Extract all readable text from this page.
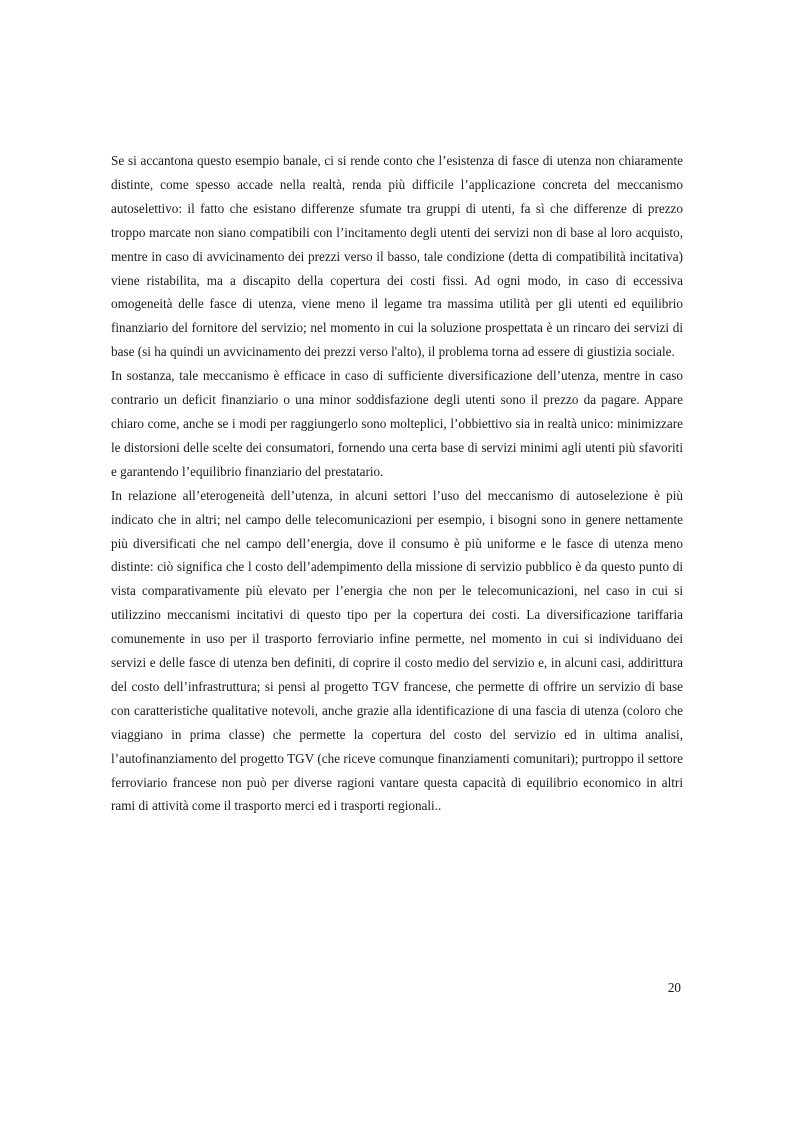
Se si accantona questo esempio banale, ci si rende conto che l’esistenza di fasce di utenza non chiaramente distinte, come spesso accade nella realtà, renda più difficile l’applicazione concreta del meccanismo autoselettivo: il fatto che esistano differenze sfumate tra gruppi di utenti, fa sì che differenze di prezzo troppo marcate non siano compatibili con l’incitamento degli utenti dei servizi non di base al loro acquisto, mentre in caso di avvicinamento dei prezzi verso il basso, tale condizione (detta di compatibilità incitativa) viene ristabilita, ma a discapito della copertura dei costi fissi. Ad ogni modo, in caso di eccessiva omogeneità delle fasce di utenza, viene meno il legame tra massima utilità per gli utenti ed equilibrio finanziario del fornitore del servizio; nel momento in cui la soluzione prospettata è un rincaro dei servizi di base (si ha quindi un avvicinamento dei prezzi verso l'alto), il problema torna ad essere di giustizia sociale.

In sostanza, tale meccanismo è efficace in caso di sufficiente diversificazione dell’utenza, mentre in caso contrario un deficit finanziario o una minor soddisfazione degli utenti sono il prezzo da pagare. Appare chiaro come, anche se i modi per raggiungerlo sono molteplici, l’obbiettivo sia in realtà unico: minimizzare le distorsioni delle scelte dei consumatori, fornendo una certa base di servizi minimi agli utenti più sfavoriti e garantendo l’equilibrio finanziario del prestatario.

In relazione all’eterogeneità dell’utenza, in alcuni settori l’uso del meccanismo di autoselezione è più indicato che in altri; nel campo delle telecomunicazioni per esempio, i bisogni sono in genere nettamente più diversificati che nel campo dell’energia, dove il consumo è più uniforme e le fasce di utenza meno distinte: ciò significa che l costo dell’adempimento della missione di servizio pubblico è da questo punto di vista comparativamente più elevato per l’energia che non per le telecomunicazioni, nel caso in cui si utilizzino meccanismi incitativi di questo tipo per la copertura dei costi. La diversificazione tariffaria comunemente in uso per il trasporto ferroviario infine permette, nel momento in cui si individuano dei servizi e delle fasce di utenza ben definiti, di coprire il costo medio del servizio e, in alcuni casi, addirittura del costo dell’infrastruttura; si pensi al progetto TGV francese, che permette di offrire un servizio di base con caratteristiche qualitative notevoli, anche grazie alla identificazione di una fascia di utenza (coloro che viaggiano in prima classe) che permette la copertura del costo del servizio ed in ultima analisi, l’autofinanziamento del progetto TGV (che riceve comunque finanziamenti comunitari); purtroppo il settore ferroviario francese non può per diverse ragioni vantare questa capacità di equilibrio economico in altri rami di attività come il trasporto merci ed i trasporti regionali..

20
